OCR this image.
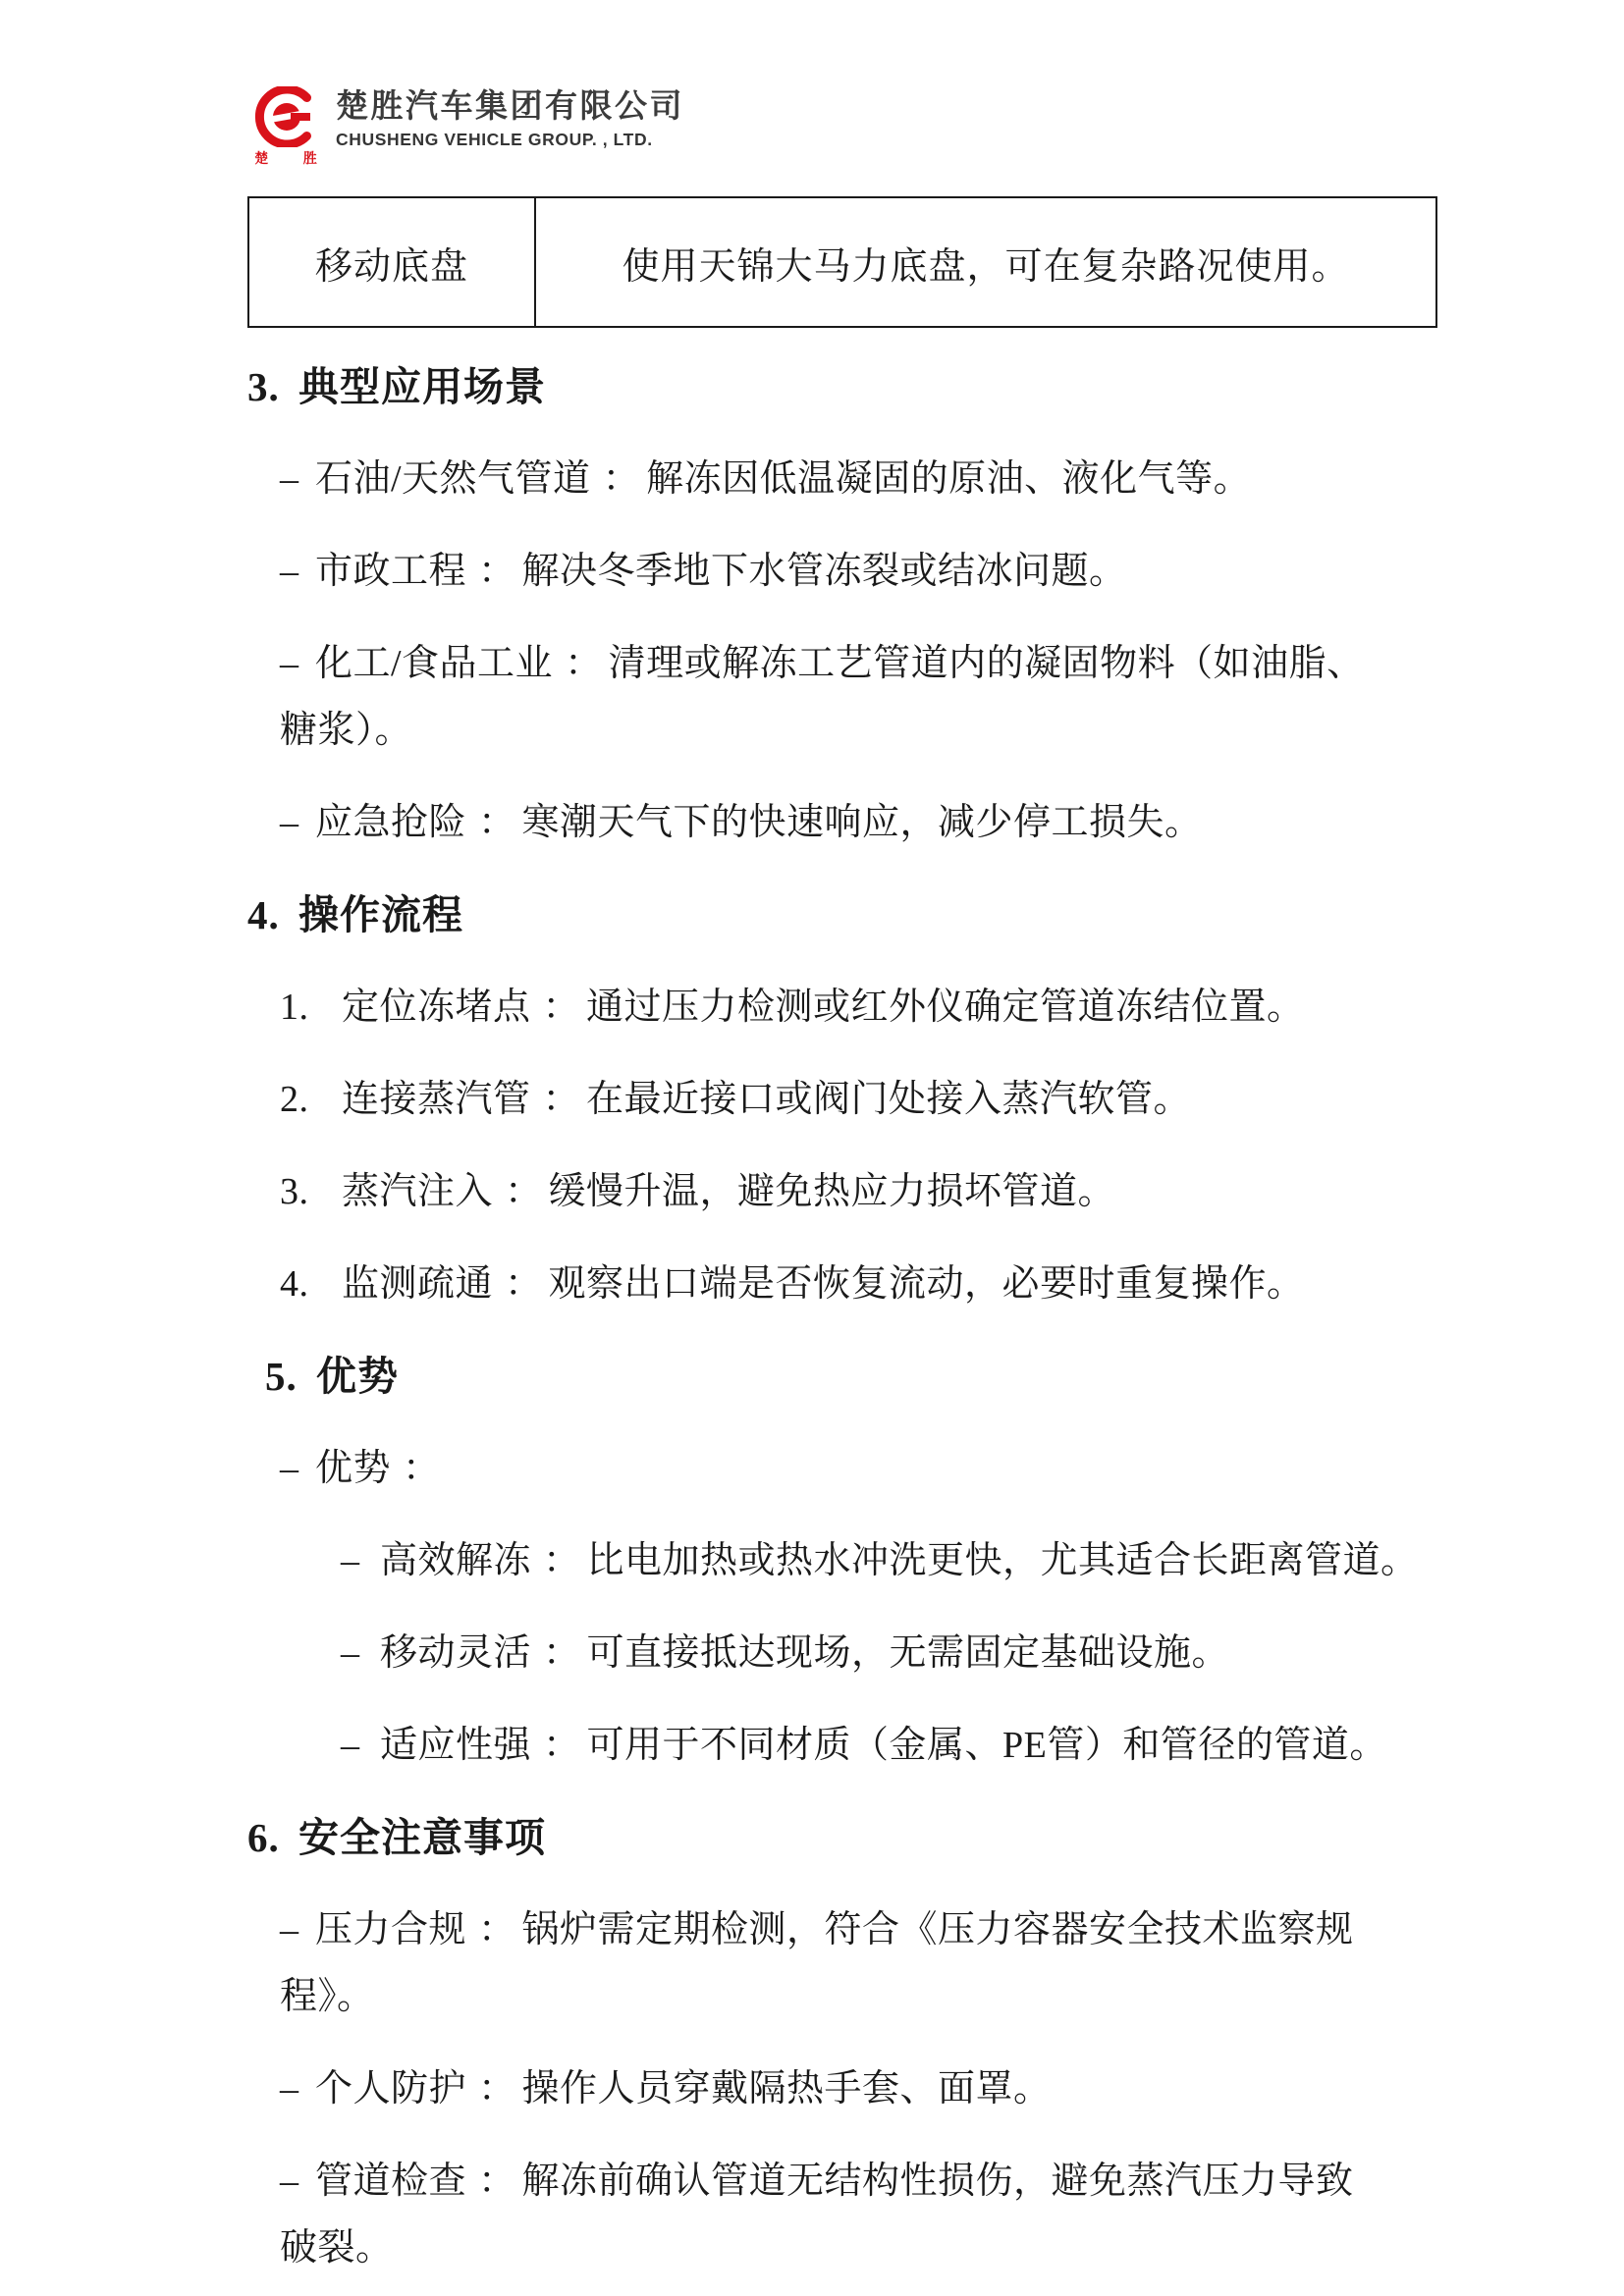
楚 胜
楚胜汽车集团有限公司
CHUSHENG VEHICLE GROUP. , LTD.
移动底盘	使用天锦大马力底盘，可在复杂路况使用。
3. 典型应用场景
– 石油/天然气管道 ： 解冻因低温凝固的原油、液化气等。
– 市政工程 ： 解决冬季地下水管冻裂或结冰问题。
– 化工/食品工业 ： 清理或解冻工艺管道内的凝固物料（如油脂、
糖浆）。
– 应急抢险 ： 寒潮天气下的快速响应，减少停工损失。
4. 操作流程
1. 定位冻堵点 ： 通过压力检测或红外仪确定管道冻结位置。
2. 连接蒸汽管 ： 在最近接口或阀门处接入蒸汽软管。
3. 蒸汽注入 ： 缓慢升温，避免热应力损坏管道。
4. 监测疏通 ： 观察出口端是否恢复流动，必要时重复操作。
5. 优势
– 优势 ：
– 高效解冻 ： 比电加热或热水冲洗更快，尤其适合长距离管道。
– 移动灵活 ： 可直接抵达现场，无需固定基础设施。
– 适应性强 ： 可用于不同材质（金属、PE管）和管径的管道。
6. 安全注意事项
– 压力合规 ： 锅炉需定期检测，符合《压力容器安全技术监察规
程》。
– 个人防护 ： 操作人员穿戴隔热手套、面罩。
– 管道检查 ： 解冻前确认管道无结构性损伤，避免蒸汽压力导致
破裂。
